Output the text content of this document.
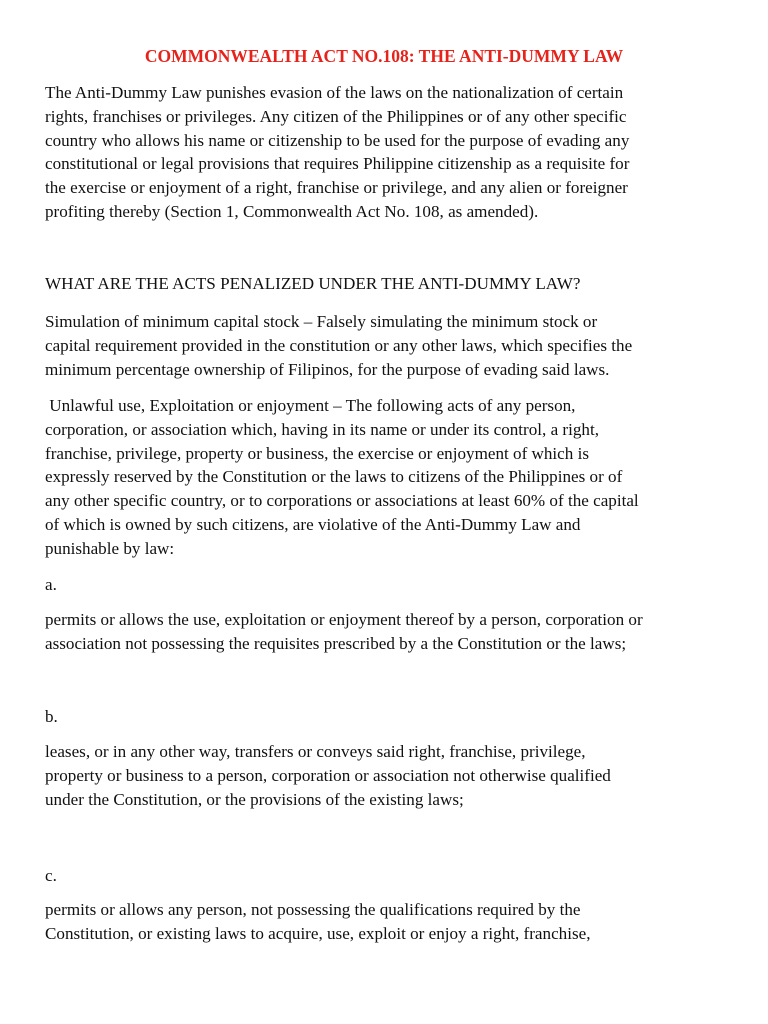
COMMONWEALTH ACT NO.108: THE ANTI-DUMMY LAW
The Anti-Dummy Law punishes evasion of the laws on the nationalization of certain
rights, franchises or privileges. Any citizen of the Philippines or of any other specific
country who allows his name or citizenship to be used for the purpose of evading any
constitutional or legal provisions that requires Philippine citizenship as a requisite for
the exercise or enjoyment of a right, franchise or privilege, and any alien or foreigner
profiting thereby (Section 1, Commonwealth Act No. 108, as amended).
WHAT ARE THE ACTS PENALIZED UNDER THE ANTI-DUMMY LAW?
Simulation of minimum capital stock – Falsely simulating the minimum stock or
capital requirement provided in the constitution or any other laws, which specifies the
minimum percentage ownership of Filipinos, for the purpose of evading said laws.
Unlawful use, Exploitation or enjoyment – The following acts of any person,
corporation, or association which, having in its name or under its control, a right,
franchise, privilege, property or business, the exercise or enjoyment of which is
expressly reserved by the Constitution or the laws to citizens of the Philippines or of
any other specific country, or to corporations or associations at least 60% of the capital
of which is owned by such citizens, are violative of the Anti-Dummy Law and
punishable by law:
a.
permits or allows the use, exploitation or enjoyment thereof by a person, corporation or
association not possessing the requisites prescribed by a the Constitution or the laws;
b.
leases, or in any other way, transfers or conveys said right, franchise, privilege,
property or business to a person, corporation or association not otherwise qualified
under the Constitution, or the provisions of the existing laws;
c.
permits or allows any person, not possessing the qualifications required by the
Constitution, or existing laws to acquire, use, exploit or enjoy a right, franchise,
